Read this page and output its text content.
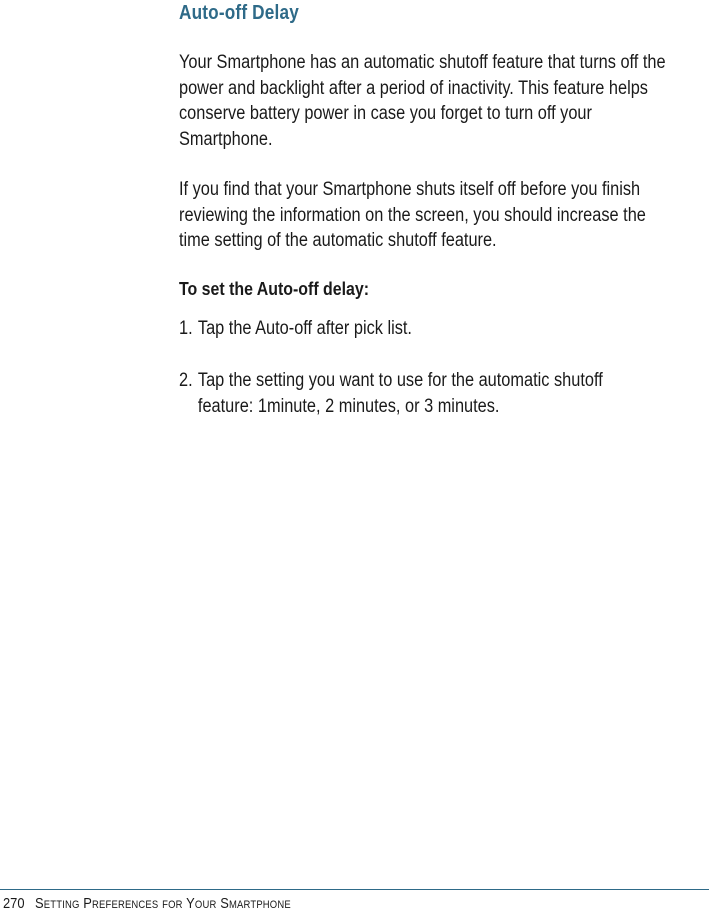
Auto-off Delay

Your Smartphone has an automatic shutoff feature that turns off the power and backlight after a period of inactivity. This feature helps conserve battery power in case you forget to turn off your Smartphone.

If you find that your Smartphone shuts itself off before you finish reviewing the information on the screen, you should increase the time setting of the automatic shutoff feature.

To set the Auto-off delay:
1. Tap the Auto-off after pick list.
2. Tap the setting you want to use for the automatic shutoff feature: 1minute, 2 minutes, or 3 minutes.
270 Setting Preferences for Your Smartphone
